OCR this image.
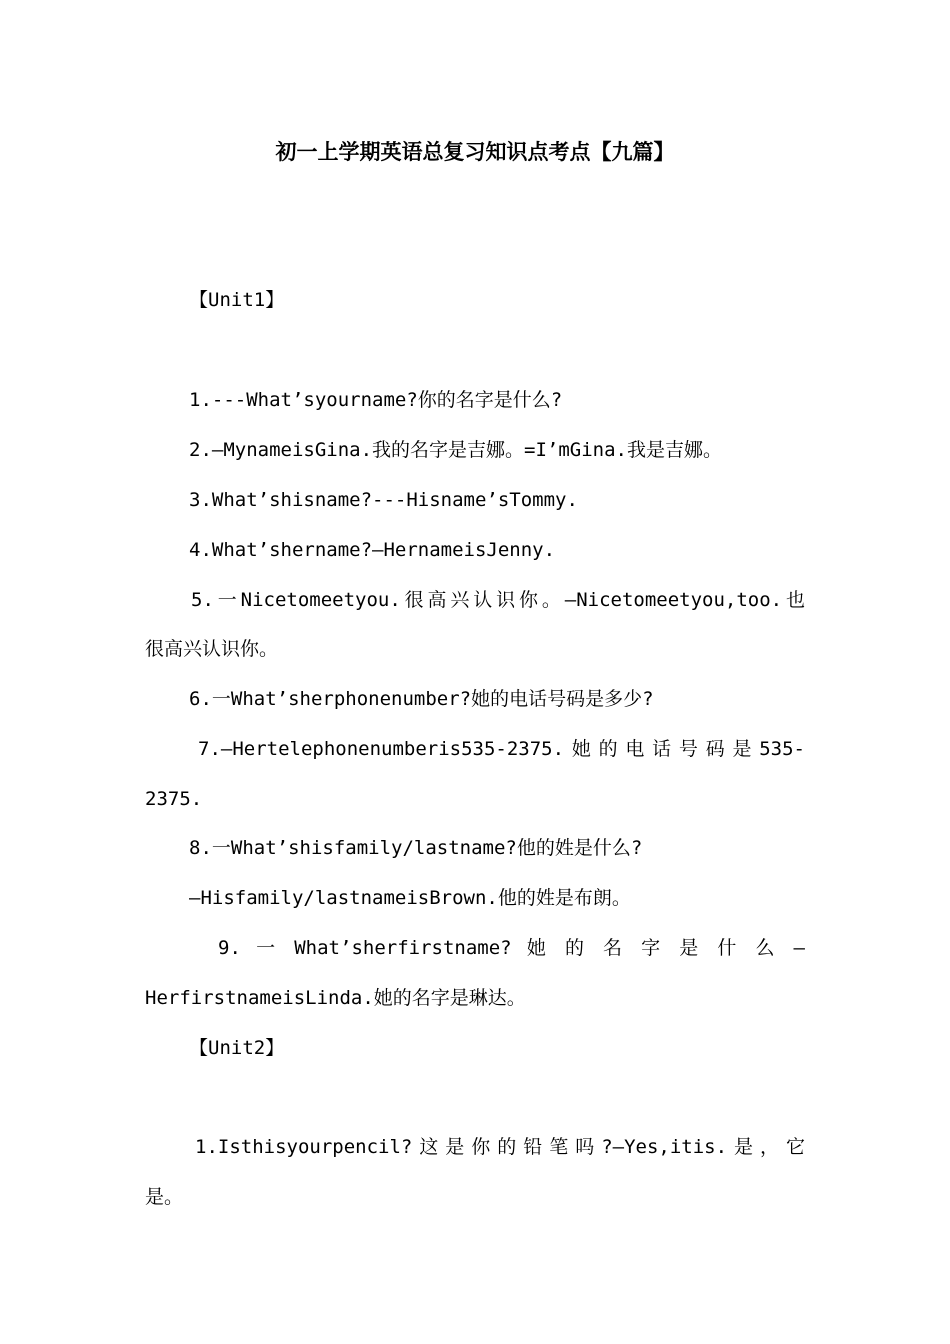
初一上学期英语总复习知识点考点【九篇】
【Unit1】
1.---What’syourname?你的名字是什么?
2.—MynameisGina.我的名字是吉娜。=I’mGina.我是吉娜。
3.What’shisname?---Hisname’sTommy.
4.What’shername?—HernameisJenny.
5.一Nicetomeetyou.很高兴认识你。—Nicetomeetyou,too.也
很高兴认识你。
6.一What’sherphonenumber?她的电话号码是多少?
7.—Hertelephonenumberis535-2375.她的电话号码是535-
2375.
8.一What’shisfamily/lastname?他的姓是什么?
—Hisfamily/lastnameisBrown.他的姓是布朗。
9. 一 What’sherfirstname? 她 的 名 字 是 什 么 —
HerfirstnameisLinda.她的名字是琳达。
【Unit2】
1.Isthisyourpencil?这是你的铅笔吗?—Yes,itis.是，它
是。
